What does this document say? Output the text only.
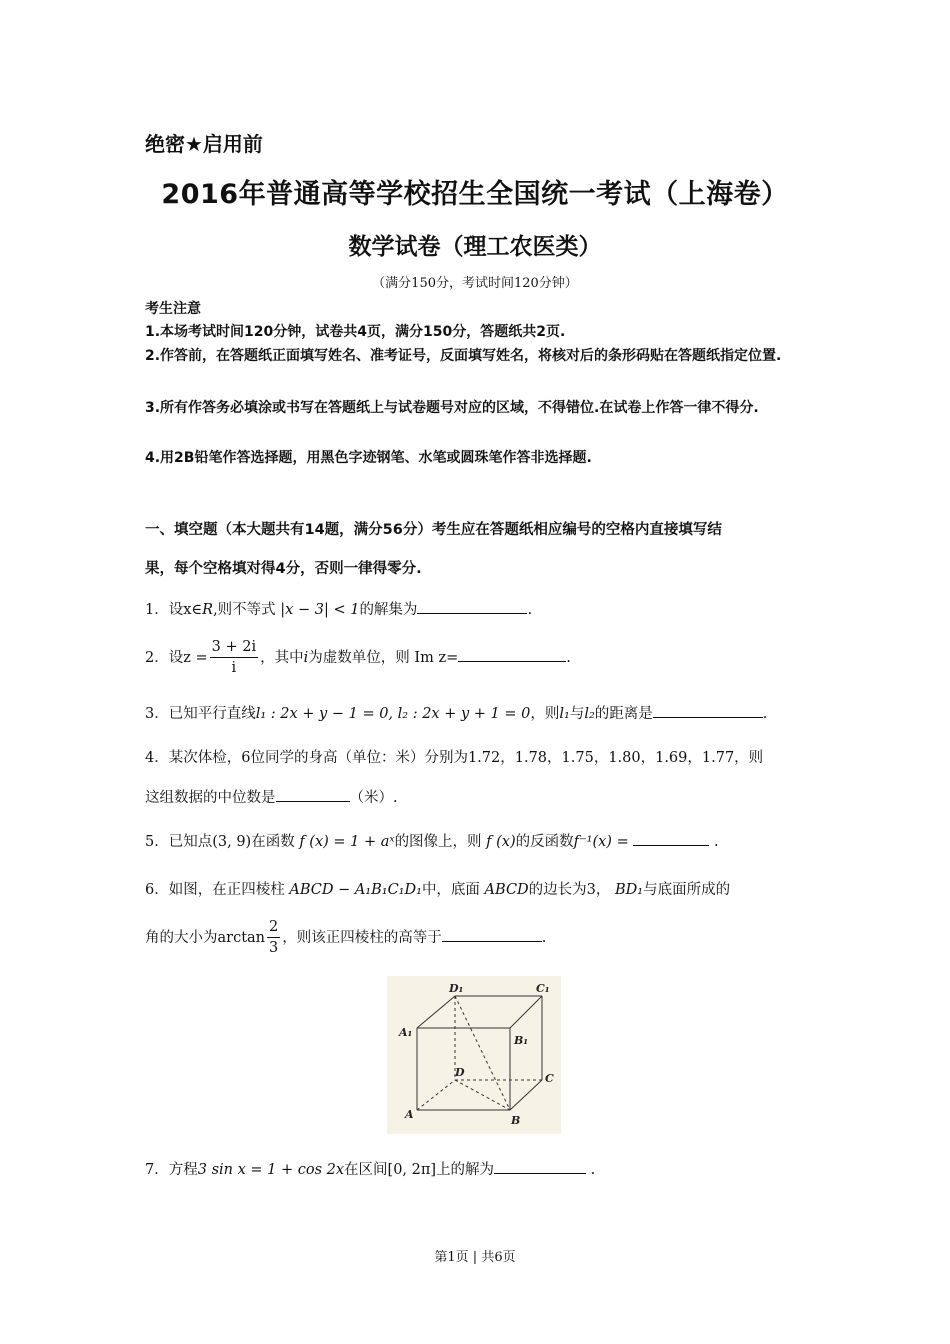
绝密★启用前
2016年普通高等学校招生全国统一考试（上海卷）
数学试卷（理工农医类）
（满分150分，考试时间120分钟）
考生注意
1.本场考试时间120分钟，试卷共4页，满分150分，答题纸共2页.
2.作答前，在答题纸正面填写姓名、准考证号，反面填写姓名，将核对后的条形码贴在答题纸指定位置.
3.所有作答务必填涂或书写在答题纸上与试卷题号对应的区域，不得错位.在试卷上作答一律不得分.
4.用2B铅笔作答选择题，用黑色字迹钢笔、水笔或圆珠笔作答非选择题.
一、填空题（本大题共有14题，满分56分）考生应在答题纸相应编号的空格内直接填写结
果，每个空格填对得4分，否则一律得零分.
1．设x∈R,则不等式 |x − 3| < 1的解集为	.
2．设$z = \frac{3 + 2i}{i}$ ，其中i为虚数单位，则 Im z=	.
3．已知平行直线l₁ : 2x + y − 1 = 0, l₂ : 2x + y + 1 = 0，则l₁与l₂的距离是	.
4．某次体检，6位同学的身高（单位：米）分别为1.72，1.78，1.75，1.80，1.69，1.77，则
这组数据的中位数是	（米）.
5．已知点(3, 9)在函数 f (x) = 1 + aˣ的图像上，则 f (x)的反函数f⁻¹(x) =	.
6．如图，在正四棱柱 ABCD − A₁B₁C₁D₁中，底面 ABCD的边长为3， BD₁与底面所成的
角的大小为$\arctan \frac{2}{3}$ ，则该正四棱柱的高等于	.
D₁	C₁
A₁
B₁
D	C
A	B
7．方程3 sin x = 1 + cos 2x在区间[0, 2π]上的解为	.
第1页 | 共6页
